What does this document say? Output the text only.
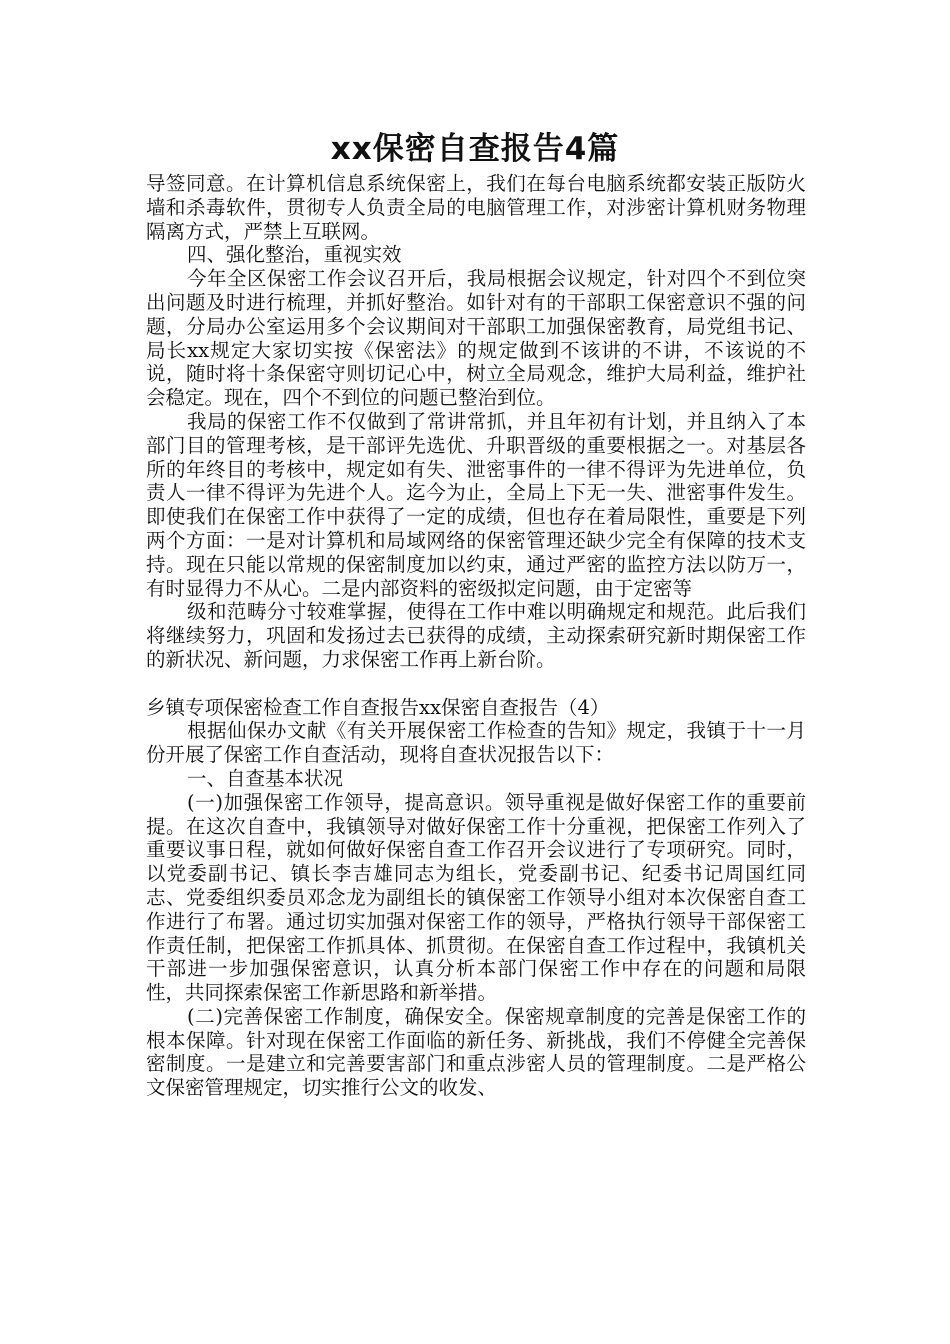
xx保密自查报告4篇

导签同意。在计算机信息系统保密上，我们在每台电脑系统都安装正版防火墙和杀毒软件，贯彻专人负责全局的电脑管理工作，对涉密计算机财务物理隔离方式，严禁上互联网。

四、强化整治，重视实效

今年全区保密工作会议召开后，我局根据会议规定，针对四个不到位突出问题及时进行梳理，并抓好整治。如针对有的干部职工保密意识不强的问题，分局办公室运用多个会议期间对干部职工加强保密教育，局党组书记、局长xx规定大家切实按《保密法》的规定做到不该讲的不讲，不该说的不说，随时将十条保密守则切记心中，树立全局观念，维护大局利益，维护社会稳定。现在，四个不到位的问题已整治到位。

我局的保密工作不仅做到了常讲常抓，并且年初有计划，并且纳入了本部门目的管理考核，是干部评先选优、升职晋级的重要根据之一。对基层各所的年终目的考核中，规定如有失、泄密事件的一律不得评为先进单位，负责人一律不得评为先进个人。迄今为止，全局上下无一失、泄密事件发生。即使我们在保密工作中获得了一定的成绩，但也存在着局限性，重要是下列两个方面：一是对计算机和局域网络的保密管理还缺少完全有保障的技术支持。现在只能以常规的保密制度加以约束，通过严密的监控方法以防万一，有时显得力不从心。二是内部资料的密级拟定问题，由于定密等

级和范畴分寸较难掌握，使得在工作中难以明确规定和规范。此后我们将继续努力，巩固和发扬过去已获得的成绩，主动探索研究新时期保密工作的新状况、新问题，力求保密工作再上新台阶。

乡镇专项保密检查工作自查报告xx保密自查报告（4）

根据仙保办文献《有关开展保密工作检查的告知》规定，我镇于十一月份开展了保密工作自查活动，现将自查状况报告以下：

一、自查基本状况

(一)加强保密工作领导，提高意识。领导重视是做好保密工作的重要前提。在这次自查中，我镇领导对做好保密工作十分重视，把保密工作列入了重要议事日程，就如何做好保密自查工作召开会议进行了专项研究。同时，以党委副书记、镇长李吉雄同志为组长，党委副书记、纪委书记周国红同志、党委组织委员邓念龙为副组长的镇保密工作领导小组对本次保密自查工作进行了布署。通过切实加强对保密工作的领导，严格执行领导干部保密工作责任制，把保密工作抓具体、抓贯彻。在保密自查工作过程中，我镇机关干部进一步加强保密意识，认真分析本部门保密工作中存在的问题和局限性，共同探索保密工作新思路和新举措。

(二)完善保密工作制度，确保安全。保密规章制度的完善是保密工作的根本保障。针对现在保密工作面临的新任务、新挑战，我们不停健全完善保密制度。一是建立和完善要害部门和重点涉密人员的管理制度。二是严格公文保密管理规定，切实推行公文的收发、
